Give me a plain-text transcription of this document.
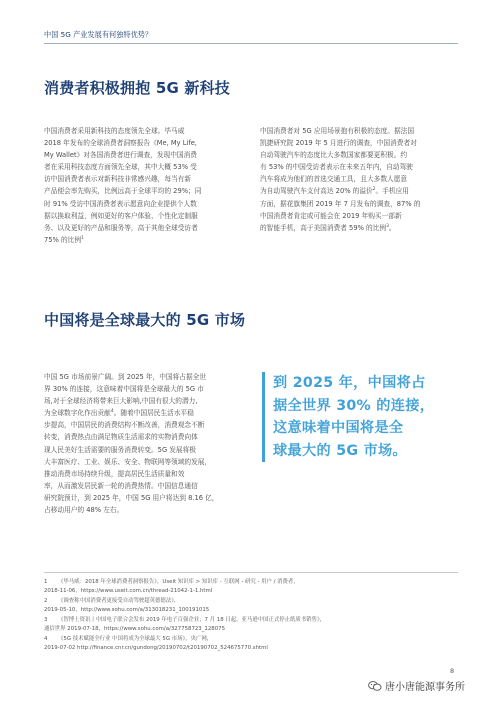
中国 5G 产业发展有何独特优势？
消费者积极拥抱 5G 新科技
中国消费者采用新科技的态度领先全球。毕马威
2018 年发布的全球消费者洞察报告《Me, My Life,
My Wallet》对各国消费者进行调查，发现中国消费
者在采用科技态度方面领先全球，其中大概 53% 受
访中国消费者表示对新科技非常感兴趣，每当有新
产品便会率先购买，比例远高于全球平均的 29%；同
时 91% 受访中国消费者表示愿意向企业提供个人数
据以换取利益，例如更好的客户体验、个性化定制服
务、以及更好的产品和服务等，高于其他全球受访者
75% 的比例$^1$
中国消费者对 5G 应用场景抱有积极的态度。据法国
凯捷研究院 2019 年 5 月进行的调查，中国消费者对
自动驾驶汽车的态度比大多数国家都要更积极。约
有 53% 的中国受访者表示在未来五年内，自动驾驶
汽车将成为他们的首选交通工具，且大多数人愿意
为自动驾驶汽车支付高达 20% 的溢价$^2$。手机应用
方面，据花旗集团 2019 年 7 月发布的调查，87% 的
中国消费者肯定或可能会在 2019 年购买一部新
的智能手机，高于美国消费者 59% 的比例$^3$。
中国将是全球最大的 5G 市场
中国 5G 市场前景广阔。到 2025 年，中国将占据全世
界 30% 的连接，这意味着中国将是全球最大的 5G 市
场,对于全球经济将带来巨大影响,中国有很大的潜力,
为全球数字化作出贡献$^4$。随着中国居民生活水平稳
步提高，中国居民的消费结构不断改善，消费观念不断
转变，消费热点由满足物质生活需求的实物消费向体
现人民美好生活需要的服务消费转变。5G 发展将极
大丰富医疗、工业、娱乐、安全、物联网等领域的发展，
推动消费市场持续升级，提高居民生活质量和效
率，从而激发居民新一轮的消费热情。中国信息通信
研究院预计，到 2025 年，中国 5G 用户将达到 8.16 亿，
占移动用户的 48% 左右。
到 2025 年，中国将占
据全世界 30% 的连接，
这意味着中国将是全
球最大的 5G 市场。
1 《毕马威：2018 年全球消费者洞察报告》，Useit 知识库 > 知识库 - 互联网 - 研究 - 用户 / 消费者,
2018-11-06，https://www.useit.com.cn/thread-21042-1-1.html
2 《调查称中国消费者更接受自动驾驶超英德德法》，
2019-05-10，http://www.sohu.com/a/313018231_100191015
3 《智博士资讯丨中国电子联合会发布 2019 年电子百强企业；7 月 18 日起，亚马逊中国正式停止纸质书销售》，
通信世界 2019-07-18，https://www.sohu.com/a/327758723_128075
4 《5G 技术赋能全行业 中国将成为全球最大 5G 市场》，央广网，
2019-07-02 http://finance.cnr.cn/gundong/20190702/t20190702_524675770.shtml
8
唐小唐能源事务所
